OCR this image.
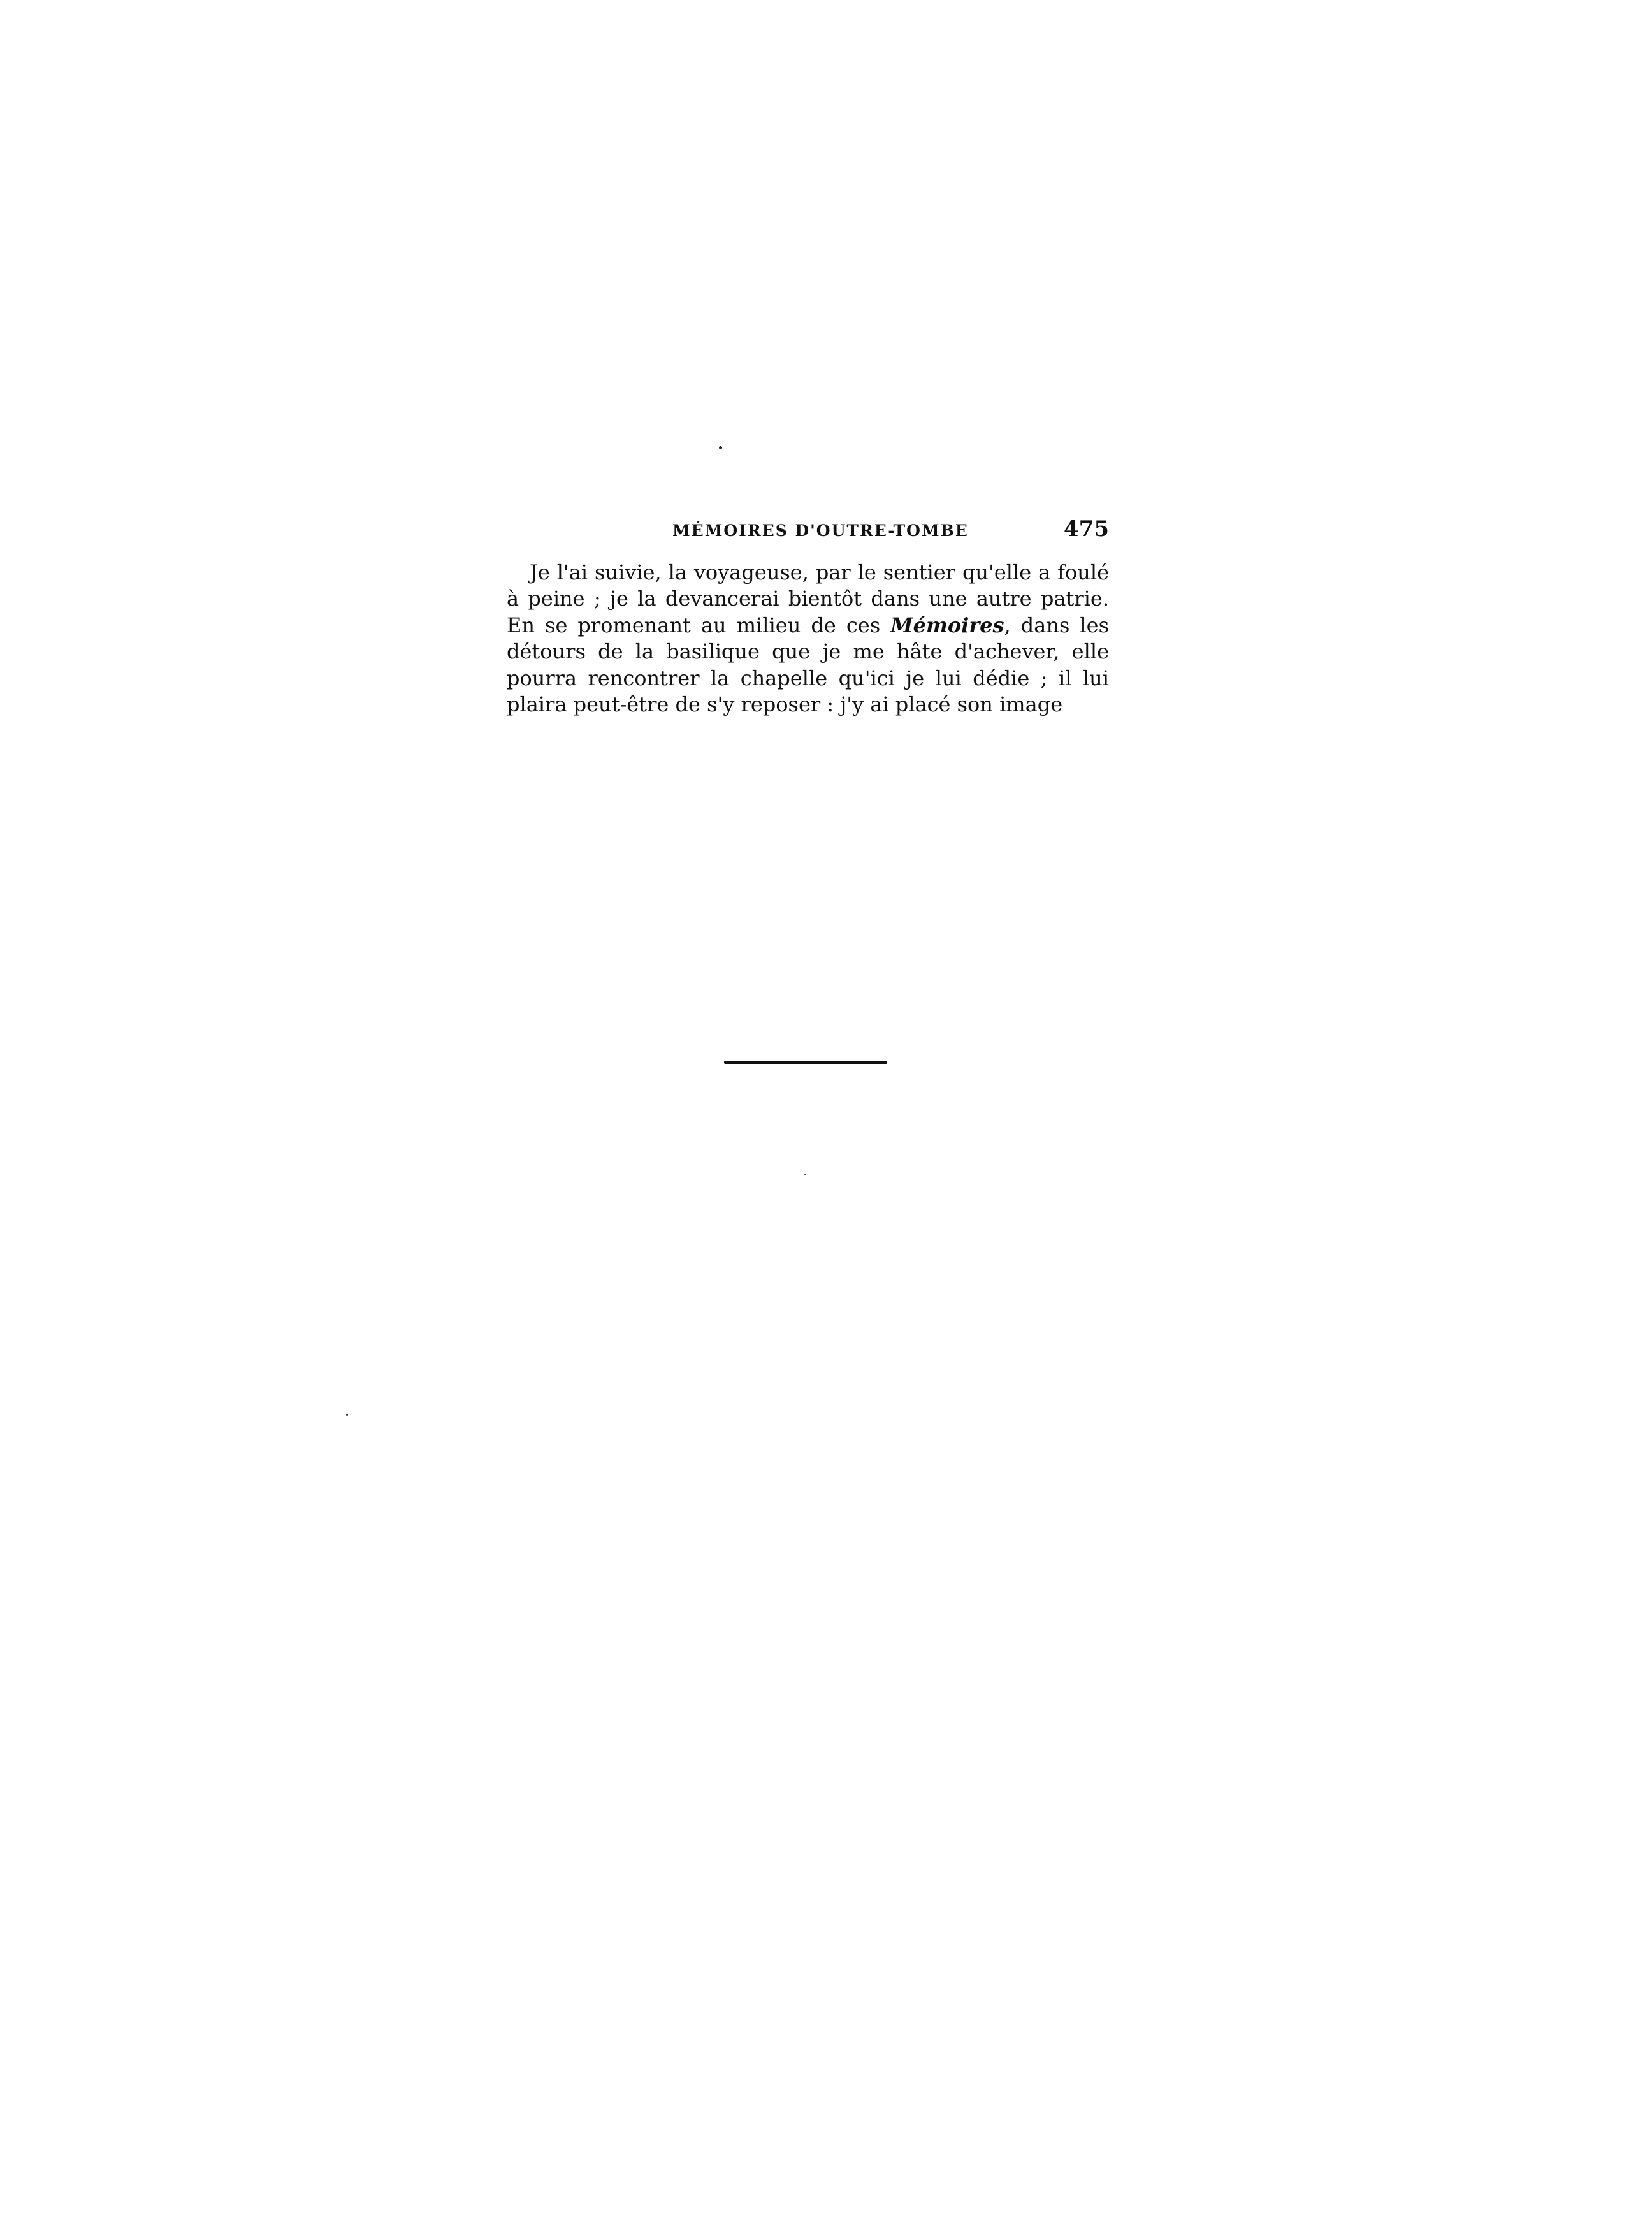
MÉMOIRES D'OUTRE-TOMBE	475

Je l'ai suivie, la voyageuse, par le sentier qu'elle a foulé à peine ; je la devancerai bientôt dans une autre patrie. En se promenant au milieu de ces Mémoires, dans les détours de la basilique que je me hâte d'achever, elle pourra rencontrer la chapelle qu'ici je lui dédie ; il lui plaira peut-être de s'y reposer : j'y ai placé son image
